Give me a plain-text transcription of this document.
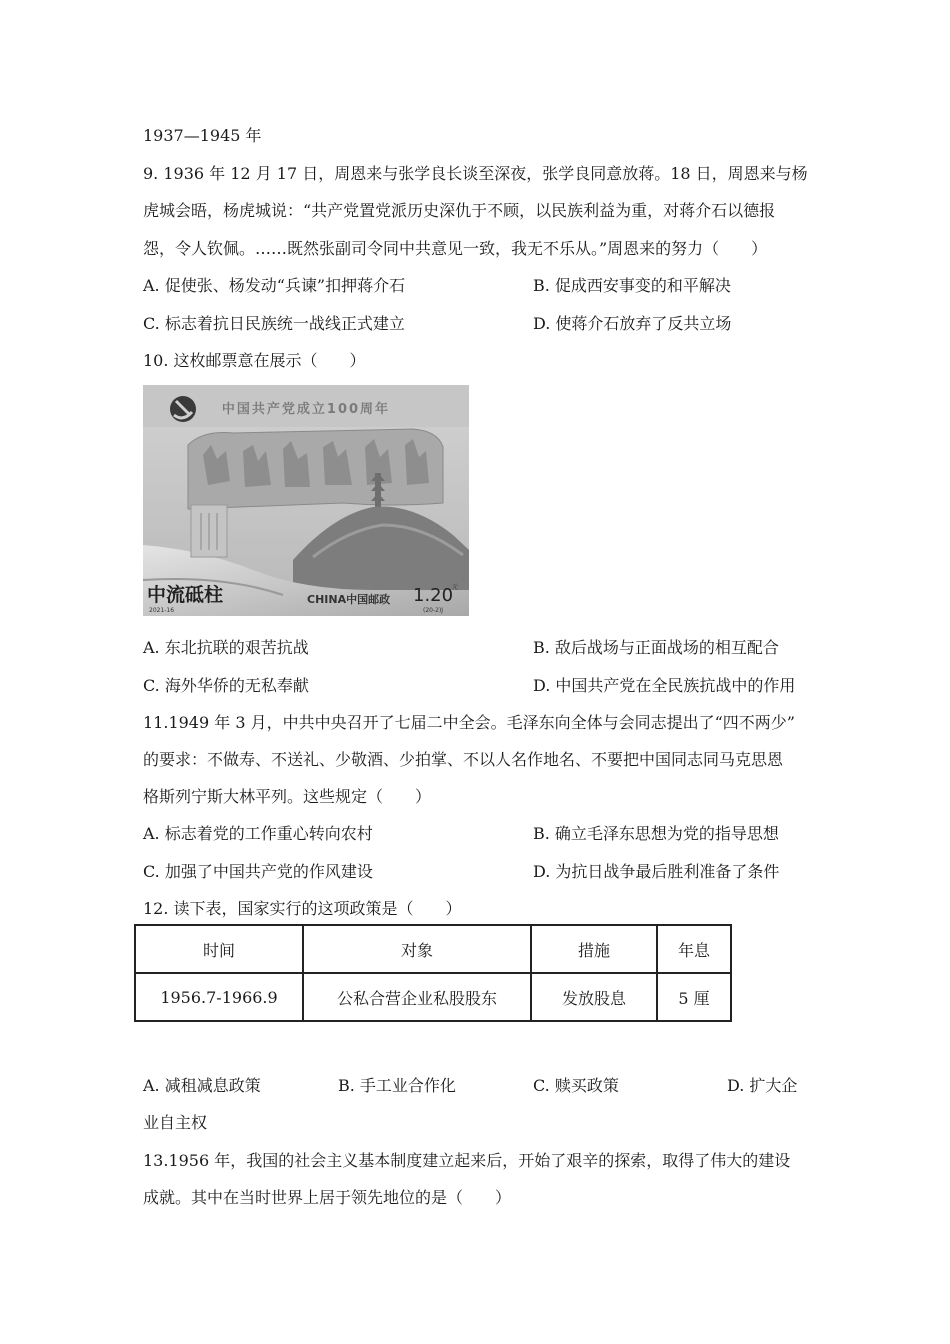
1937—1945 年
9. 1936 年 12 月 17 日，周恩来与张学良长谈至深夜，张学良同意放蒋。18 日，周恩来与杨
虎城会晤，杨虎城说：“共产党置党派历史深仇于不顾，以民族利益为重，对蒋介石以德报
怨，令人钦佩。……既然张副司令同中共意见一致，我无不乐从。”周恩来的努力（　　）
A. 促使张、杨发动“兵谏”扣押蒋介石	B. 促成西安事变的和平解决
C. 标志着抗日民族统一战线正式建立	D. 使蒋介石放弃了反共立场
10. 这枚邮票意在展示（　　）
中国共产党成立100周年
中流砥柱
2021-16
CHINA中国邮政 1.20
元
(20-2)J
A. 东北抗联的艰苦抗战	B. 敌后战场与正面战场的相互配合
C. 海外华侨的无私奉献	D. 中国共产党在全民族抗战中的作用
11.1949 年 3 月，中共中央召开了七届二中全会。毛泽东向全体与会同志提出了“四不两少”
的要求：不做寿、不送礼、少敬酒、少拍掌、不以人名作地名、不要把中国同志同马克思恩
格斯列宁斯大林平列。这些规定（　　）
A. 标志着党的工作重心转向农村	B. 确立毛泽东思想为党的指导思想
C. 加强了中国共产党的作风建设	D. 为抗日战争最后胜利准备了条件
12. 读下表，国家实行的这项政策是（　　）
时间	对象	措施	年息
1956.7-1966.9	公私合营企业私股股东	发放股息	5 厘
A. 减租减息政策	B. 手工业合作化	C. 赎买政策	D. 扩大企
业自主权
13.1956 年，我国的社会主义基本制度建立起来后，开始了艰辛的探索，取得了伟大的建设
成就。其中在当时世界上居于领先地位的是（　　）
